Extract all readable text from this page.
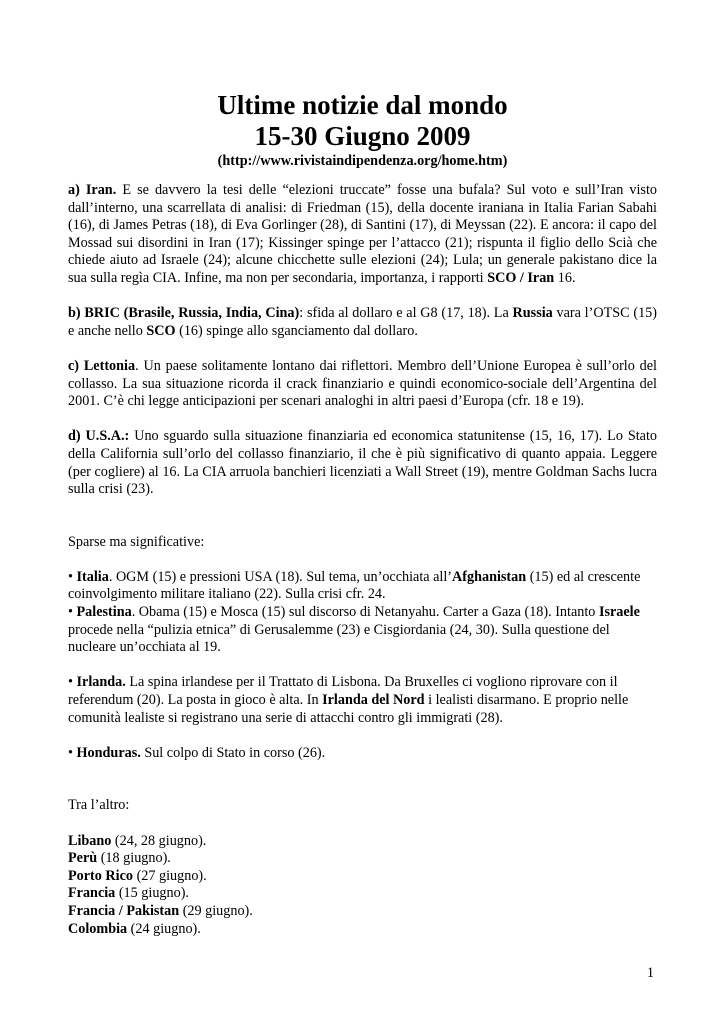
Ultime notizie dal mondo
15-30 Giugno 2009
(http://www.rivistaindipendenza.org/home.htm)

a) Iran. E se davvero la tesi delle “elezioni truccate” fosse una bufala? Sul voto e sull’Iran visto dall’interno, una scarrellata di analisi: di Friedman (15), della docente iraniana in Italia Farian Sabahi (16), di James Petras (18), di Eva Gorlinger (28), di Santini (17), di Meyssan (22). E ancora: il capo del Mossad sui disordini in Iran (17); Kissinger spinge per l’attacco (21); rispunta il figlio dello Scià che chiede aiuto ad Israele (24); alcune chicchette sulle elezioni (24); Lula; un generale pakistano dice la sua sulla regìa CIA. Infine, ma non per secondaria, importanza, i rapporti SCO / Iran 16.

b) BRIC (Brasile, Russia, India, Cina): sfida al dollaro e al G8 (17, 18). La Russia vara l’OTSC (15) e anche nello SCO (16) spinge allo sganciamento dal dollaro.

c) Lettonia. Un paese solitamente lontano dai riflettori. Membro dell’Unione Europea è sull’orlo del collasso. La sua situazione ricorda il crack finanziario e quindi economico-sociale dell’Argentina del 2001. C’è chi legge anticipazioni per scenari analoghi in altri paesi d’Europa (cfr. 18 e 19).

d) U.S.A.: Uno sguardo sulla situazione finanziaria ed economica statunitense (15, 16, 17). Lo Stato della California sull’orlo del collasso finanziario, il che è più significativo di quanto appaia. Leggere (per cogliere) al 16. La CIA arruola banchieri licenziati a Wall Street (19), mentre Goldman Sachs lucra sulla crisi (23).

Sparse ma significative:

• Italia. OGM (15) e pressioni USA (18). Sul tema, un’occhiata all’Afghanistan (15) ed al crescente coinvolgimento militare italiano (22). Sulla crisi cfr. 24.

• Palestina. Obama (15) e Mosca (15) sul discorso di Netanyahu. Carter a Gaza (18). Intanto Israele procede nella “pulizia etnica” di Gerusalemme (23) e Cisgiordania (24, 30). Sulla questione del nucleare un’occhiata al 19.

• Irlanda. La spina irlandese per il Trattato di Lisbona. Da Bruxelles ci vogliono riprovare con il referendum (20). La posta in gioco è alta. In Irlanda del Nord i lealisti disarmano. E proprio nelle comunità lealiste si registrano una serie di attacchi contro gli immigrati (28).

• Honduras. Sul colpo di Stato in corso (26).

Tra l’altro:

Libano (24, 28 giugno).

Perù (18 giugno).

Porto Rico (27 giugno).

Francia (15 giugno).

Francia / Pakistan (29 giugno).

Colombia (24 giugno).

1
